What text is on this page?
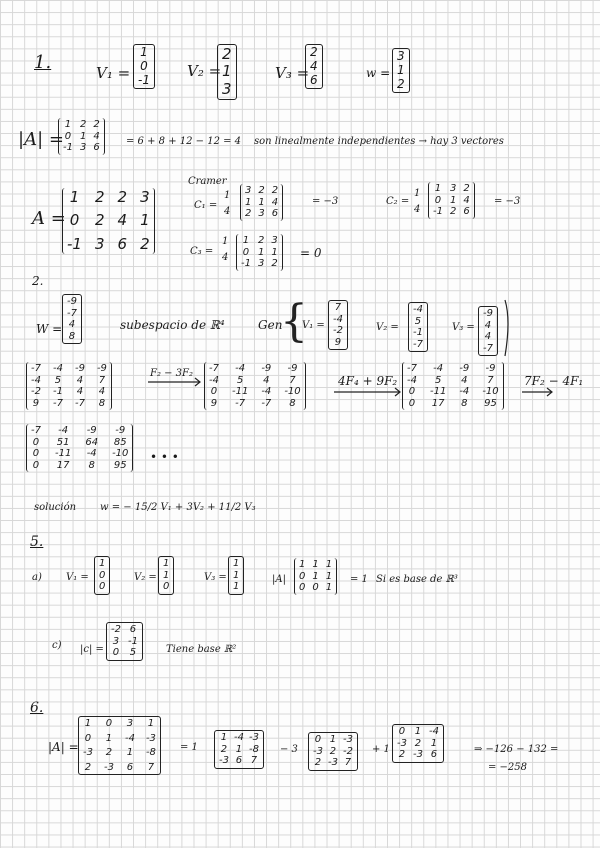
1.	V₁ =
1
0
-1 V₂ =
2
1
3
V₃ =
2
4
6	w =
3
1
2
|A| =
1 2 2
0 1 4
-1 3 6
= 6 + 8 + 12 − 12 = 4 son linealmente independientes → hay 3 vectores
A =
1 2 2 3
0 2 4 1
-1 3 6 2
Cramer
C₁ =
1
4
3 2 2
1 1 4
2 3 6
= −3	C₂ =
1
4
1 3 2
0 1 4
-1 2 6
= −3
C₃ =
1
4
1 2 3
0 1 1
-1 3 2
= 0
2.
W =
-9
-7
4
8
subespacio de ℝ⁴	Gen
{
V₁ =
7
-4
-2
9
V₂ =
-4
5
-1
-7
V₃ =
-9
4
4
-7
-7 -4 -9 -9
-4 5 4 7
-2 -1 4 4
9 -7 -7 8
F₂ − 3F₂ -7	-4	-9	-9
-4	5	4	7
0 -11 -4 -10
9	-7	-7	8
4F₄ + 9F₂
-7	-4	-9	-9
-4	5	4	7
0 -11 -4 -10
0 17 8 95
7F₂ − 4F₁
-7	-4	-9	-9
0 51 64 85
0 -11 -4 -10
0 17	8	95
• • •
solución w = − 15/2 V₁ + 3V₂ + 11/2 V₃
5.
a) V₁ =
1
0
0
V₂ =
1
1
0
V₃ =
1
1
1
|A|
1 1 1
0 1 1
0 0 1
= 1 Si es base de ℝ³
c) |c| =
-2 6
3 -1
0 5	Tiene base ℝ²
6.
|A| =
1 0 3 1
0 1 -4 -3
-3 2 1 -8
2 -3 6 7
= 1
1 -4 -3
2 1 -8
-3 6 7
− 3
0 1 -3
-3 2 -2
2 -3 7
+ 1
0 1 -4
-3 2 1
2 -3 6	⇒ −126 − 132 =
= −258
